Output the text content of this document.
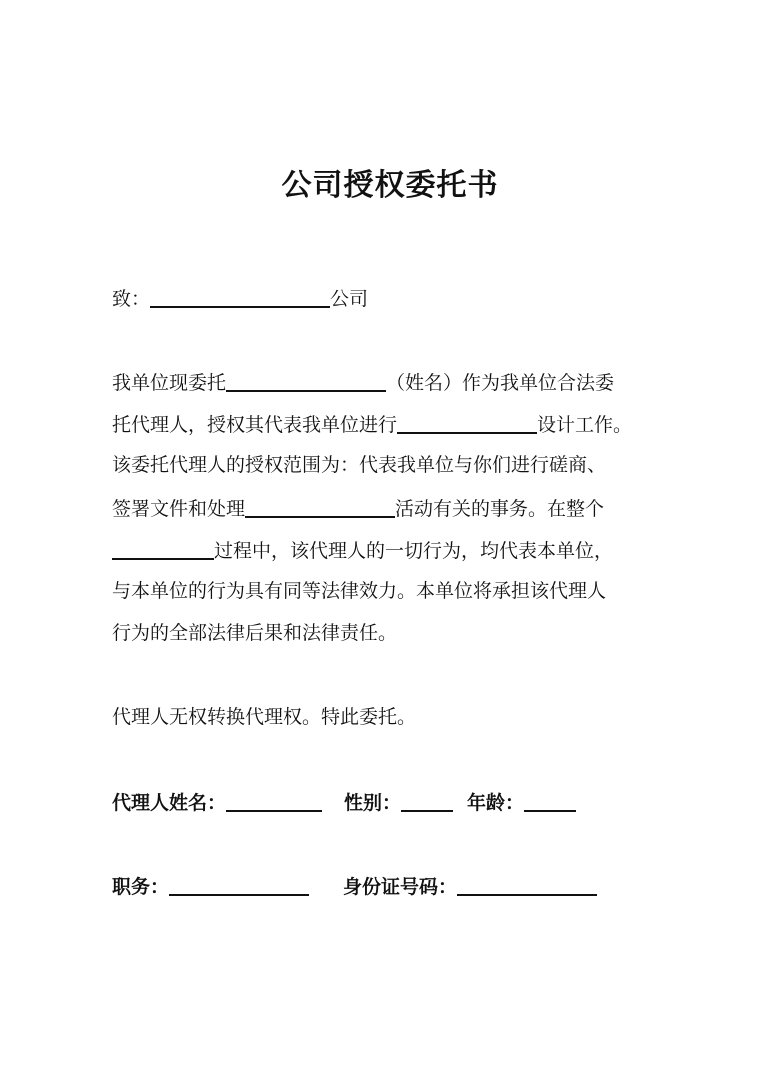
公司授权委托书
致：	公司
我单位现委托	（姓名）作为我单位合法委
托代理人，授权其代表我单位进行	设计工作。
该委托代理人的授权范围为：代表我单位与你们进行磋商、
签署文件和处理	活动有关的事务。在整个
过程中，该代理人的一切行为，均代表本单位，
与本单位的行为具有同等法律效力。本单位将承担该代理人
行为的全部法律后果和法律责任。
代理人无权转换代理权。特此委托。
代理人姓名：	性别：	年龄：
职务：	身份证号码：
